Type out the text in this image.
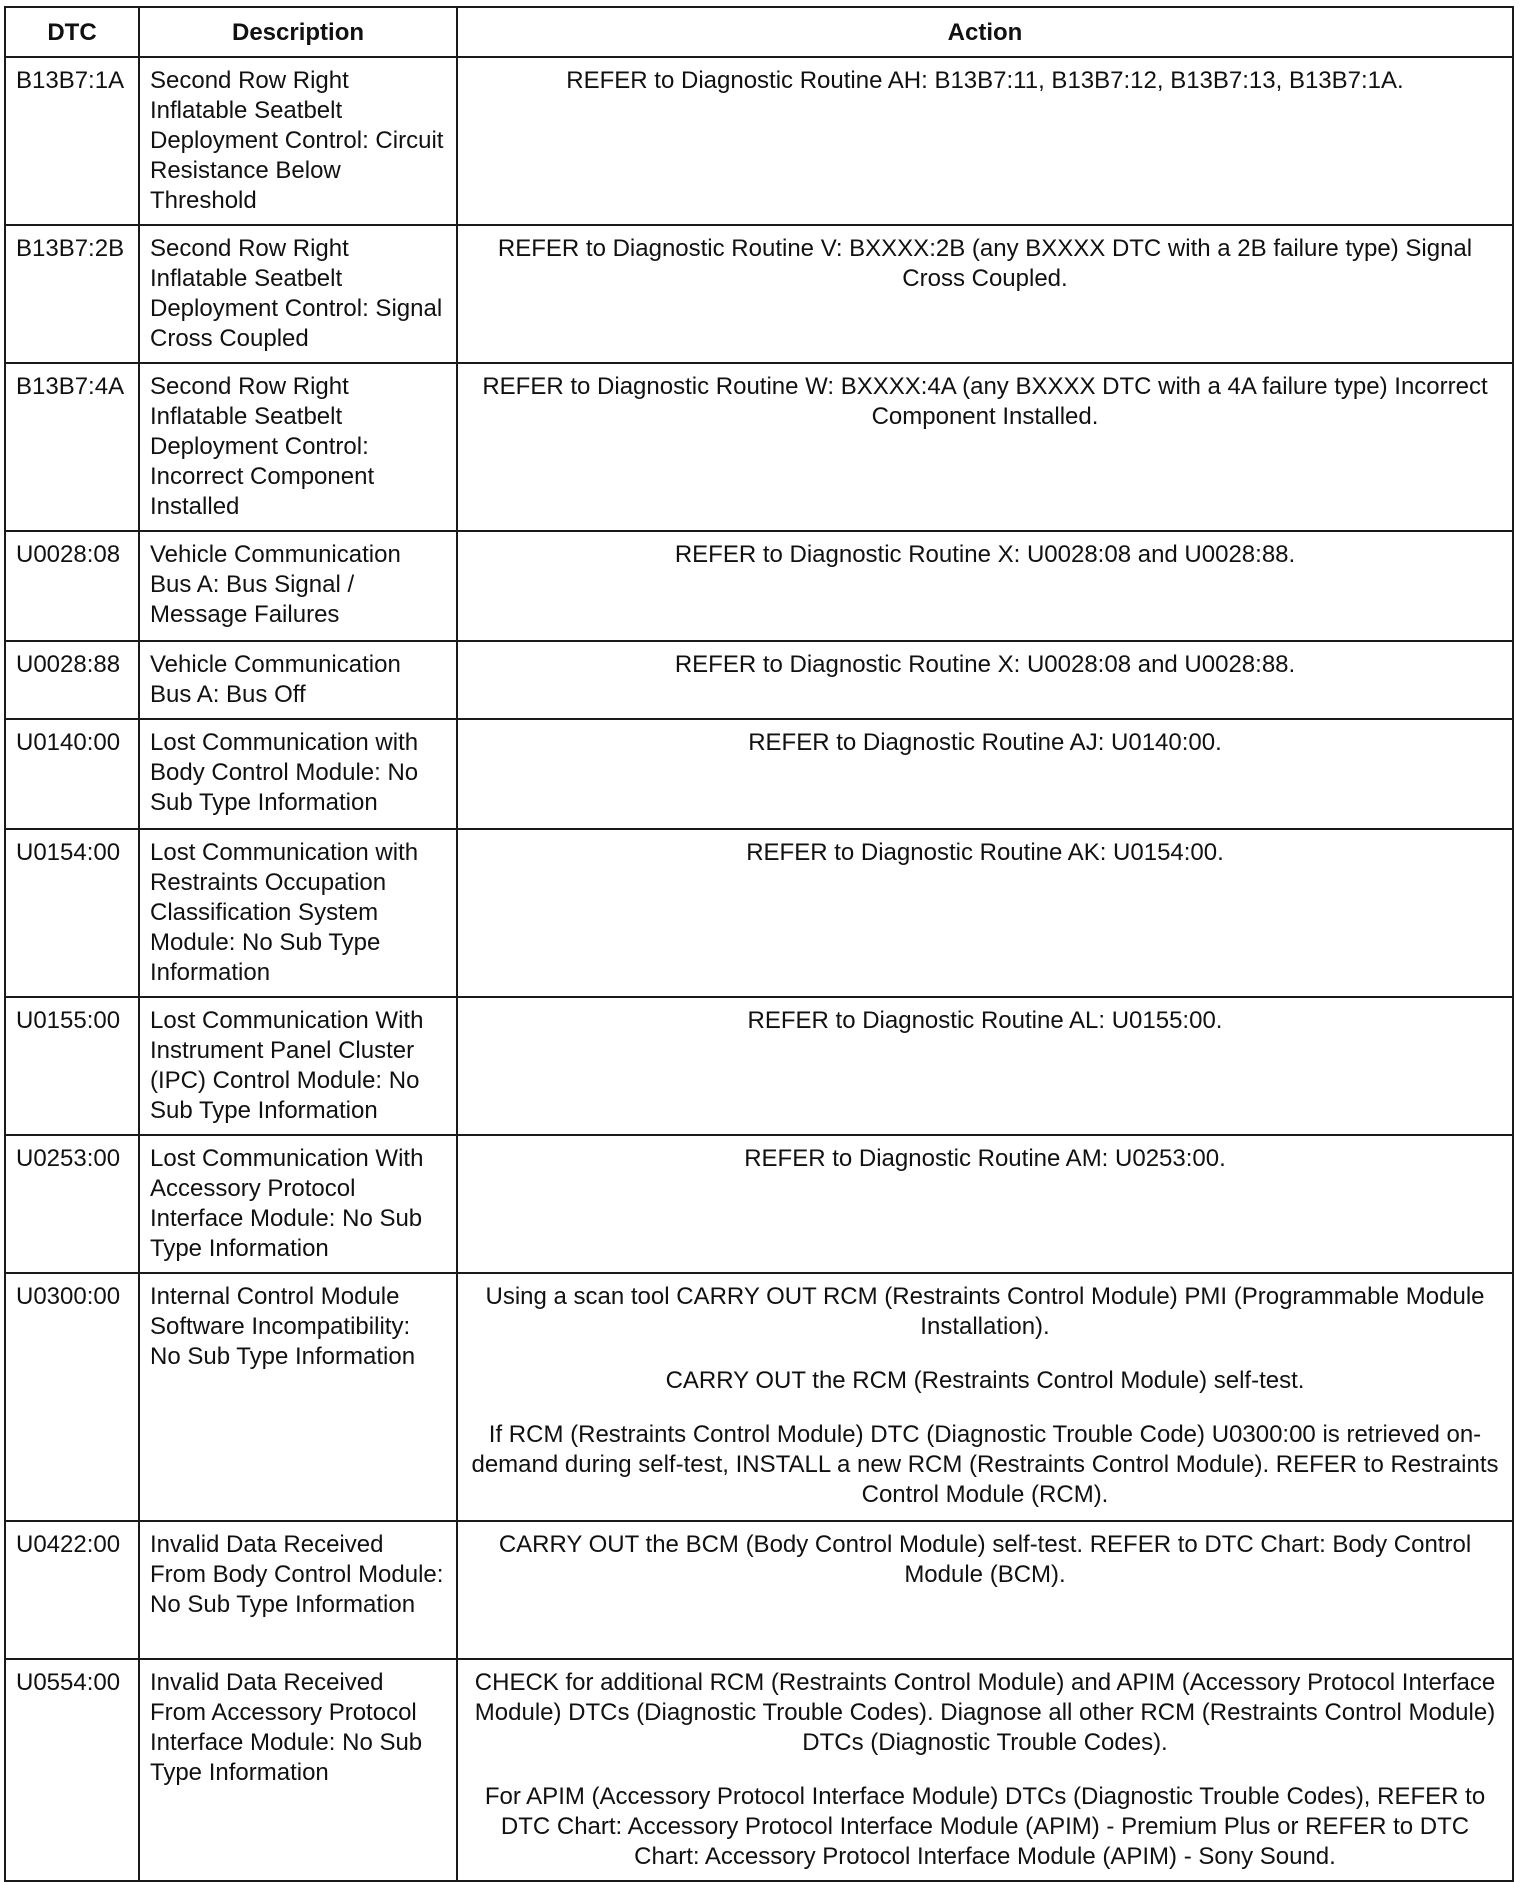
DTC	Description	Action
B13B7:1A	Second Row Right Inflatable Seatbelt Deployment Control: Circuit Resistance Below Threshold	REFER to Diagnostic Routine AH: B13B7:11, B13B7:12, B13B7:13, B13B7:1A.

B13B7:2B	Second Row Right Inflatable Seatbelt Deployment Control: Signal Cross Coupled	REFER to Diagnostic Routine V: BXXXX:2B (any BXXXX DTC with a 2B failure type) Signal Cross Coupled.

B13B7:4A	Second Row Right Inflatable Seatbelt Deployment Control: Incorrect Component Installed	REFER to Diagnostic Routine W: BXXXX:4A (any BXXXX DTC with a 4A failure type) Incorrect Component Installed.

U0028:08	Vehicle Communication Bus A: Bus Signal / Message Failures	REFER to Diagnostic Routine X: U0028:08 and U0028:88.

U0028:88	Vehicle Communication Bus A: Bus Off	REFER to Diagnostic Routine X: U0028:08 and U0028:88.

U0140:00	Lost Communication with Body Control Module: No Sub Type Information	REFER to Diagnostic Routine AJ: U0140:00.

U0154:00	Lost Communication with Restraints Occupation Classification System Module: No Sub Type Information	REFER to Diagnostic Routine AK: U0154:00.

U0155:00	Lost Communication With Instrument Panel Cluster (IPC) Control Module: No Sub Type Information	REFER to Diagnostic Routine AL: U0155:00.

U0253:00	Lost Communication With Accessory Protocol Interface Module: No Sub Type Information	REFER to Diagnostic Routine AM: U0253:00.

U0300:00	Internal Control Module Software Incompatibility: No Sub Type Information	Using a scan tool CARRY OUT RCM (Restraints Control Module) PMI (Programmable Module Installation).

CARRY OUT the RCM (Restraints Control Module) self-test.

If RCM (Restraints Control Module) DTC (Diagnostic Trouble Code) U0300:00 is retrieved on-demand during self-test, INSTALL a new RCM (Restraints Control Module). REFER to Restraints Control Module (RCM).

U0422:00	Invalid Data Received From Body Control Module: No Sub Type Information	CARRY OUT the BCM (Body Control Module) self-test. REFER to DTC Chart: Body Control Module (BCM).

U0554:00	Invalid Data Received From Accessory Protocol Interface Module: No Sub Type Information	CHECK for additional RCM (Restraints Control Module) and APIM (Accessory Protocol Interface Module) DTCs (Diagnostic Trouble Codes). Diagnose all other RCM (Restraints Control Module) DTCs (Diagnostic Trouble Codes).

For APIM (Accessory Protocol Interface Module) DTCs (Diagnostic Trouble Codes), REFER to DTC Chart: Accessory Protocol Interface Module (APIM) - Premium Plus or REFER to DTC Chart: Accessory Protocol Interface Module (APIM) - Sony Sound.
